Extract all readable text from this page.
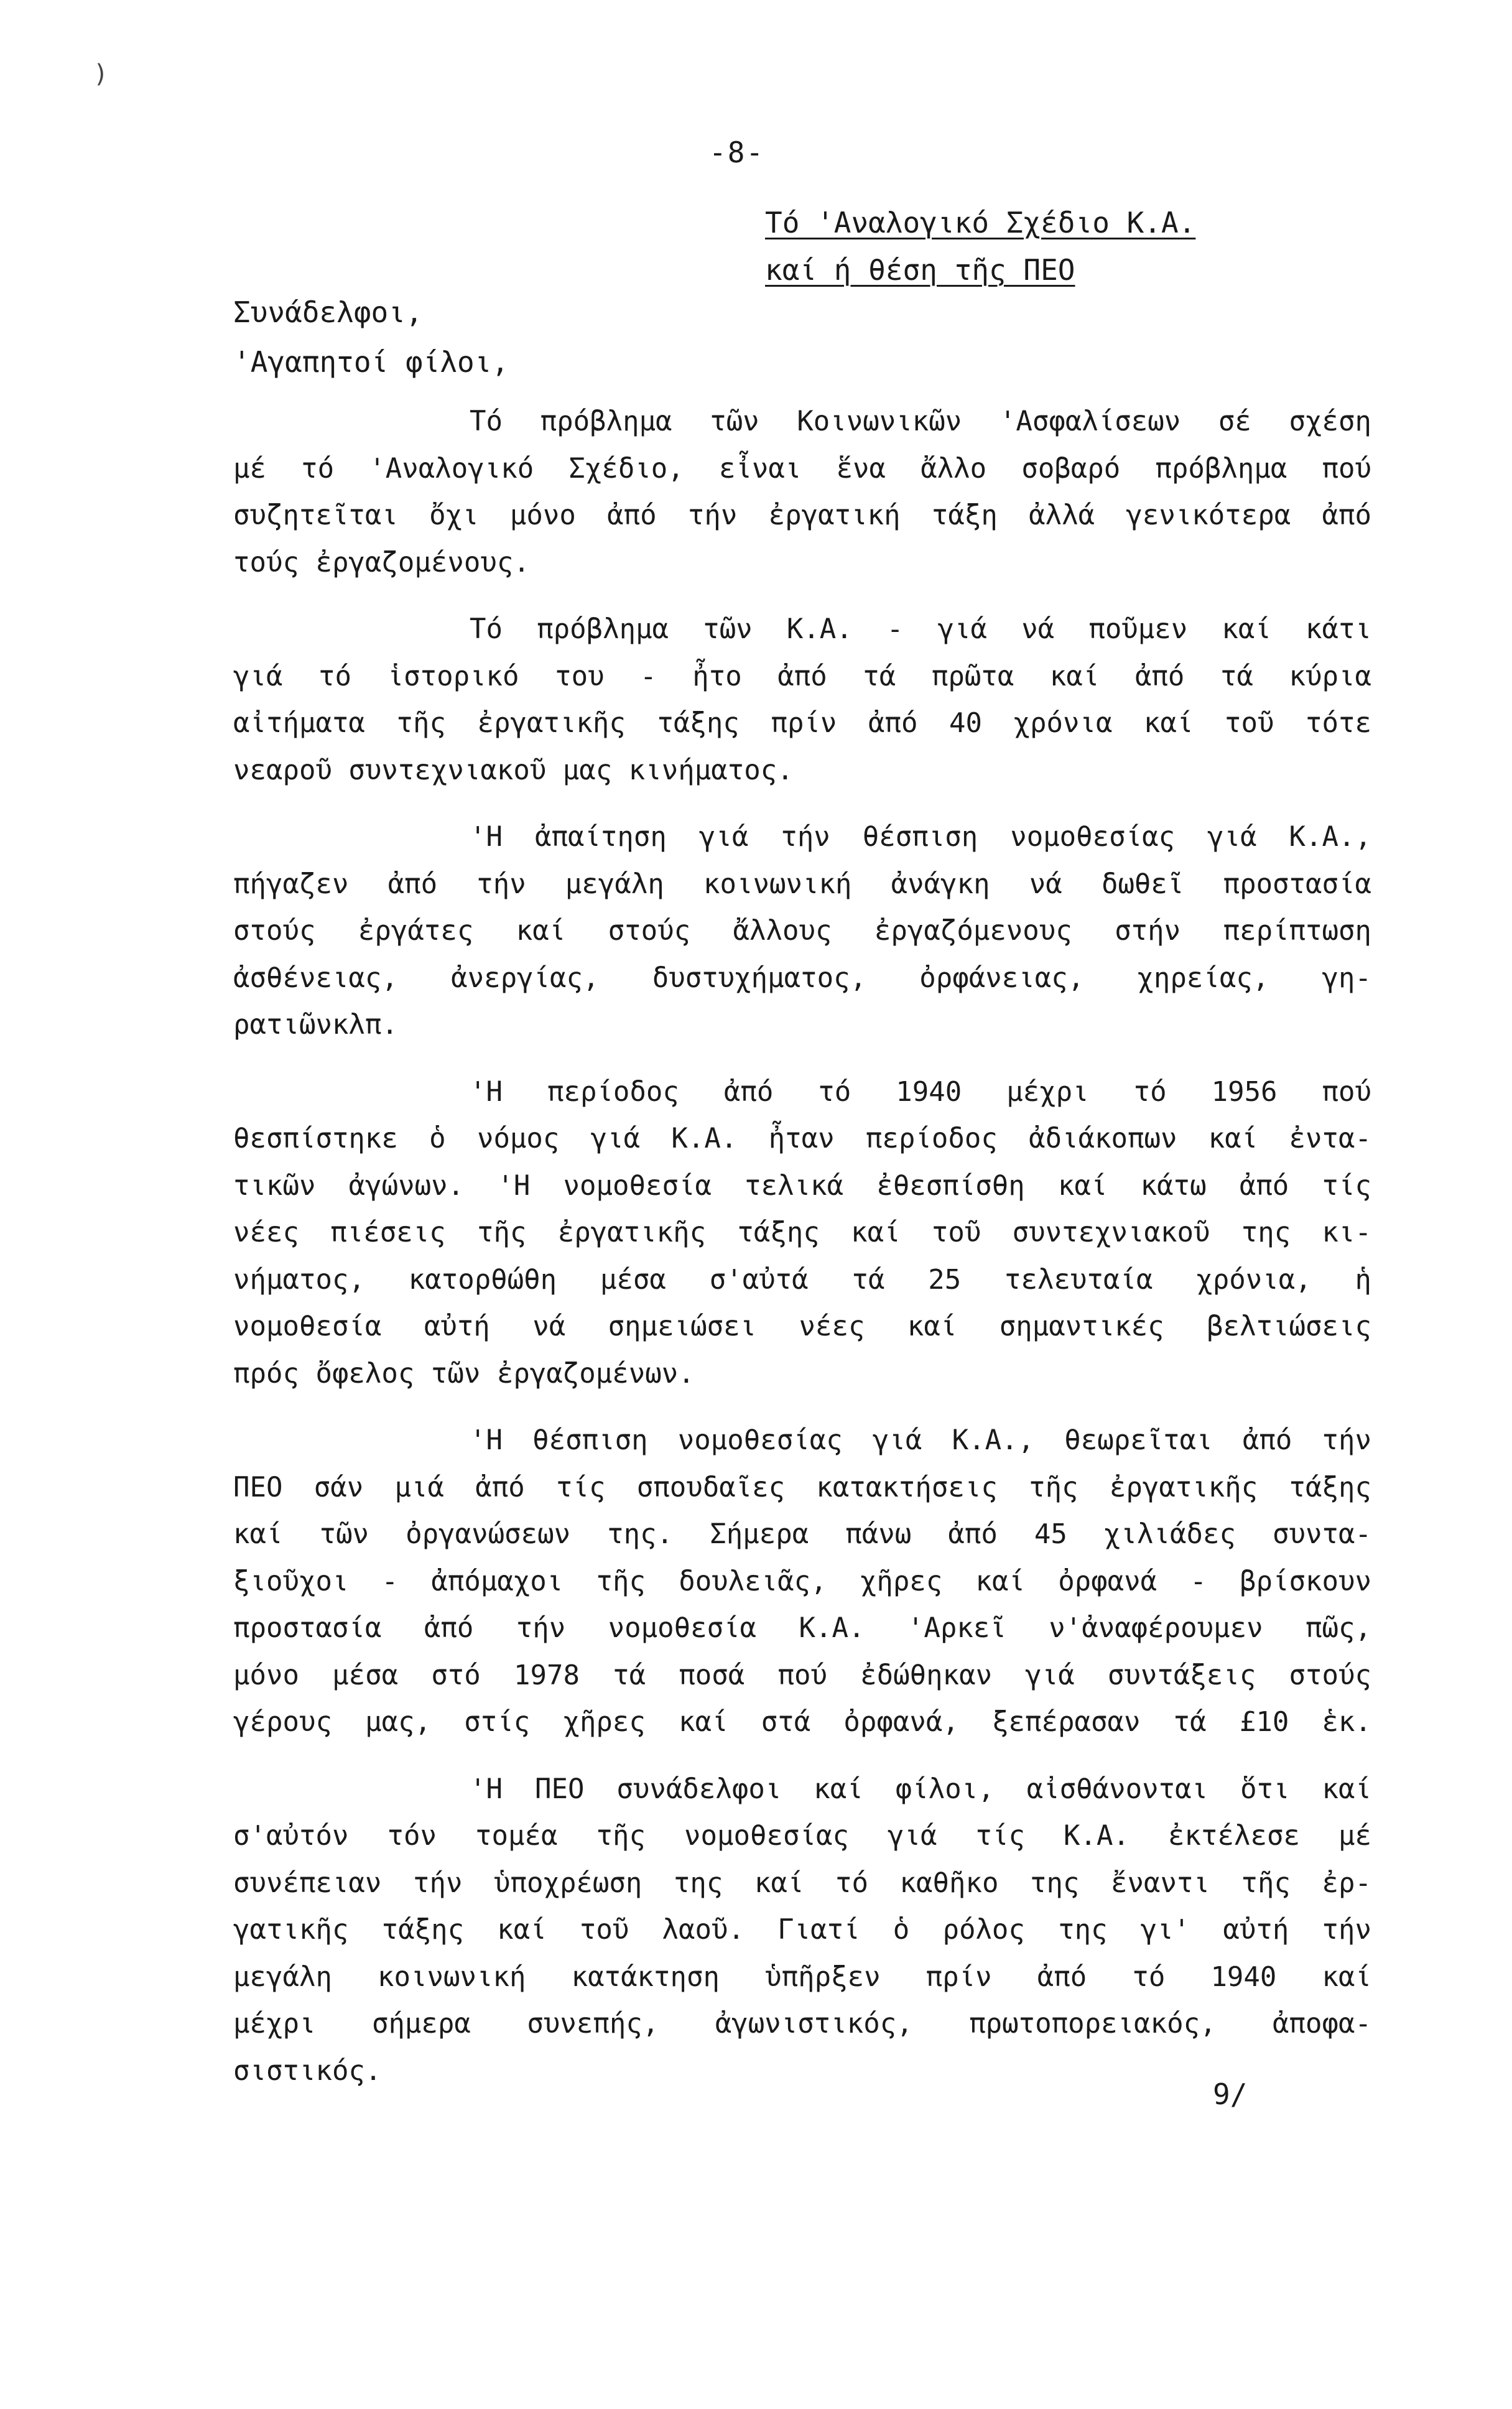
)
-8-
Τό 'Αναλογικό Σχέδιο Κ.Α.
καί ή θέση τῆς ΠΕΟ
Συνάδελφοι,
'Αγαπητοί φίλοι,
Τό πρόβλημα τῶν Κοινωνικῶν 'Ασφαλίσεων σέ σχέση
μέ τό 'Αναλογικό Σχέδιο, εἶναι ἕνα ἄλλο σοβαρό πρόβλημα πού
συζητεῖται ὄχι μόνο ἀπό τήν ἐργατική τάξη ἀλλά γενικότερα ἀπό
τούς ἐργαζομένους.
Τό πρόβλημα τῶν Κ.Α. - γιά νά ποῦμεν καί κάτι
γιά τό ἱστορικό του - ἦτο ἀπό τά πρῶτα καί ἀπό τά κύρια
αἰτήματα τῆς ἐργατικῆς τάξης πρίν ἀπό 40 χρόνια καί τοῦ τότε
νεαροῦ συντεχνιακοῦ μας κινήματος.
'Η ἀπαίτηση γιά τήν θέσπιση νομοθεσίας γιά Κ.Α.,
πήγαζεν ἀπό τήν μεγάλη κοινωνική ἀνάγκη νά δωθεῖ προστασία
στούς ἐργάτες καί στούς ἄλλους ἐργαζόμενους στήν περίπτωση
ἀσθένειας, ἀνεργίας, δυστυχήματος, ὀρφάνειας, χηρείας, γη-
ρατιῶνκλπ.
'Η περίοδος ἀπό τό 1940 μέχρι τό 1956 πού
θεσπίστηκε ὁ νόμος γιά Κ.Α. ἦταν περίοδος ἀδιάκοπων καί ἐντα-
τικῶν ἀγώνων. 'Η νομοθεσία τελικά ἐθεσπίσθη καί κάτω ἀπό τίς
νέες πιέσεις τῆς ἐργατικῆς τάξης καί τοῦ συντεχνιακοῦ της κι-
νήματος, κατορθώθη μέσα σ'αὐτά τά 25 τελευταία χρόνια, ἡ
νομοθεσία αὐτή νά σημειώσει νέες καί σημαντικές βελτιώσεις
πρός ὄφελος τῶν ἐργαζομένων.
'Η θέσπιση νομοθεσίας γιά Κ.Α., θεωρεῖται ἀπό τήν
ΠΕΟ σάν μιά ἀπό τίς σπουδαῖες κατακτήσεις τῆς ἐργατικῆς τάξης
καί τῶν ὀργανώσεων της. Σήμερα πάνω ἀπό 45 χιλιάδες συντα-
ξιοῦχοι - ἀπόμαχοι τῆς δουλειᾶς, χῆρες καί ὀρφανά - βρίσκουν
προστασία ἀπό τήν νομοθεσία Κ.Α. 'Αρκεῖ ν'ἀναφέρουμεν πῶς,
μόνο μέσα στό 1978 τά ποσά πού ἐδώθηκαν γιά συντάξεις στούς
γέρους μας, στίς χῆρες καί στά ὀρφανά, ξεπέρασαν τά £10 ἑκ.
'Η ΠΕΟ συνάδελφοι καί φίλοι, αἰσθάνονται ὅτι καί
σ'αὐτόν τόν τομέα τῆς νομοθεσίας γιά τίς Κ.Α. ἐκτέλεσε μέ
συνέπειαν τήν ὑποχρέωση της καί τό καθῆκο της ἔναντι τῆς ἐρ-
γατικῆς τάξης καί τοῦ λαοῦ. Γιατί ὁ ρόλος της γι' αὐτή τήν
μεγάλη κοινωνική κατάκτηση ὑπῆρξεν πρίν ἀπό τό 1940 καί
μέχρι σήμερα συνεπής, ἀγωνιστικός, πρωτοπορειακός, ἀποφα-
σιστικός.
9/
